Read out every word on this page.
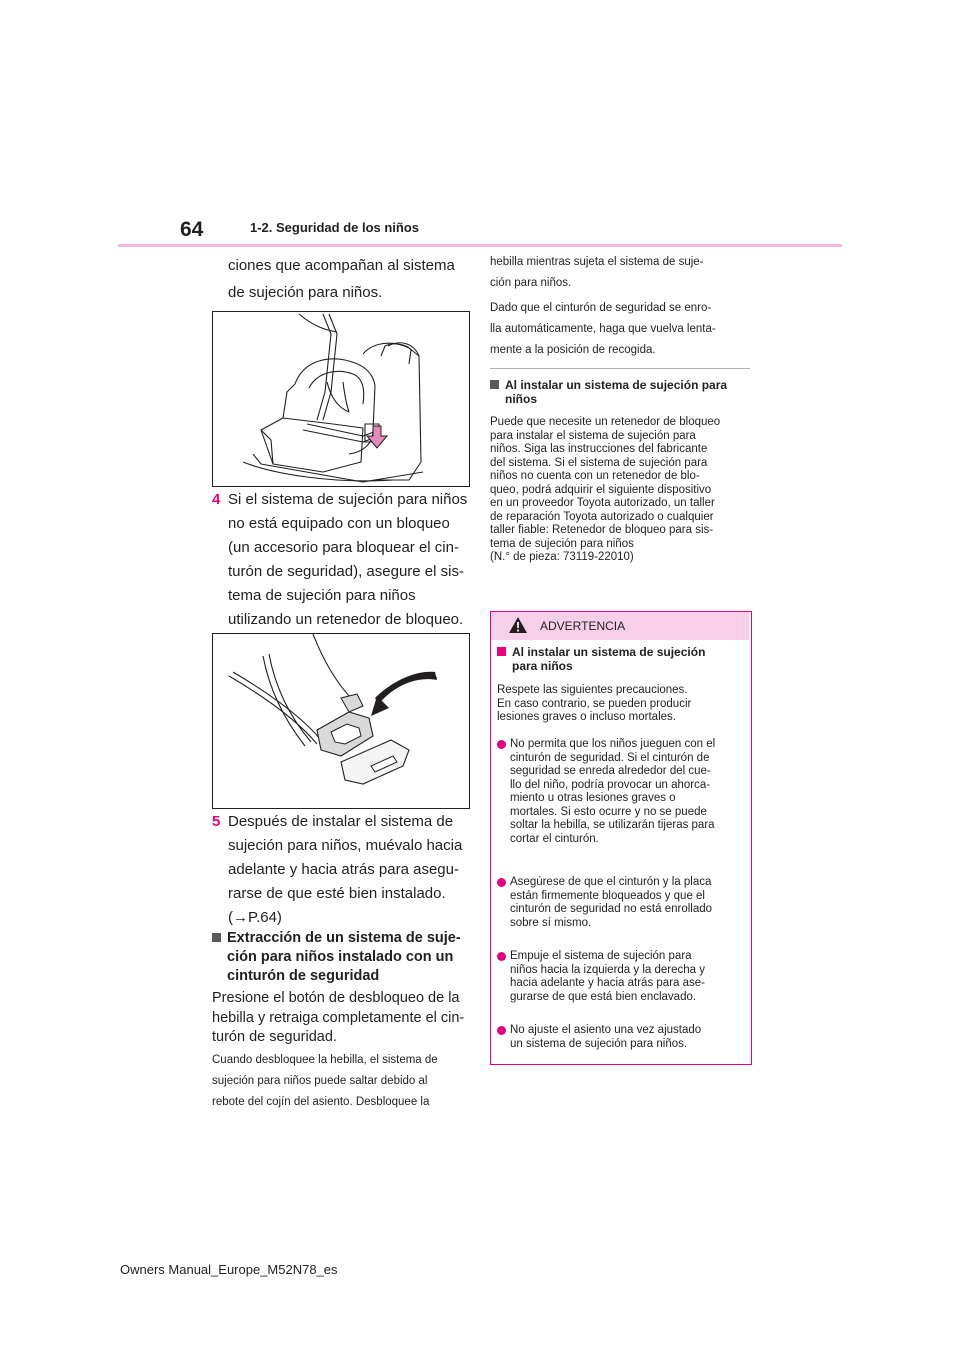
64	1-2. Seguridad de los niños
ciones que acompañan al sistema
de sujeción para niños.
4 Si el sistema de sujeción para niños
no está equipado con un bloqueo
(un accesorio para bloquear el cin-
turón de seguridad), asegure el sis-
tema de sujeción para niños
utilizando un retenedor de bloqueo.
5 Después de instalar el sistema de
sujeción para niños, muévalo hacia
adelante y hacia atrás para asegu-
rarse de que esté bien instalado.
(→P.64)
Extracción de un sistema de suje-
ción para niños instalado con un
cinturón de seguridad
Presione el botón de desbloqueo de la
hebilla y retraiga completamente el cin-
turón de seguridad.
Cuando desbloquee la hebilla, el sistema de
sujeción para niños puede saltar debido al
rebote del cojín del asiento. Desbloquee la
hebilla mientras sujeta el sistema de suje-
ción para niños.
Dado que el cinturón de seguridad se enro-
lla automáticamente, haga que vuelva lenta-
mente a la posición de recogida.
Al instalar un sistema de sujeción para
niños
Puede que necesite un retenedor de bloqueo
para instalar el sistema de sujeción para
niños. Siga las instrucciones del fabricante
del sistema. Si el sistema de sujeción para
niños no cuenta con un retenedor de blo-
queo, podrá adquirir el siguiente dispositivo
en un proveedor Toyota autorizado, un taller
de reparación Toyota autorizado o cualquier
taller fiable: Retenedor de bloqueo para sis-
tema de sujeción para niños
(N.° de pieza: 73119-22010)
ADVERTENCIA
Al instalar un sistema de sujeción
para niños
Respete las siguientes precauciones.
En caso contrario, se pueden producir
lesiones graves o incluso mortales.
No permita que los niños jueguen con el
cinturón de seguridad. Si el cinturón de
seguridad se enreda alrededor del cue-
llo del niño, podría provocar un ahorca-
miento u otras lesiones graves o
mortales. Si esto ocurre y no se puede
soltar la hebilla, se utilizarán tijeras para
cortar el cinturón.
Asegúrese de que el cinturón y la placa
están firmemente bloqueados y que el
cinturón de seguridad no está enrollado
sobre sí mismo.
Empuje el sistema de sujeción para
niños hacia la izquierda y la derecha y
hacia adelante y hacia atrás para ase-
gurarse de que está bien enclavado.
No ajuste el asiento una vez ajustado
un sistema de sujeción para niños.
Owners Manual_Europe_M52N78_es
